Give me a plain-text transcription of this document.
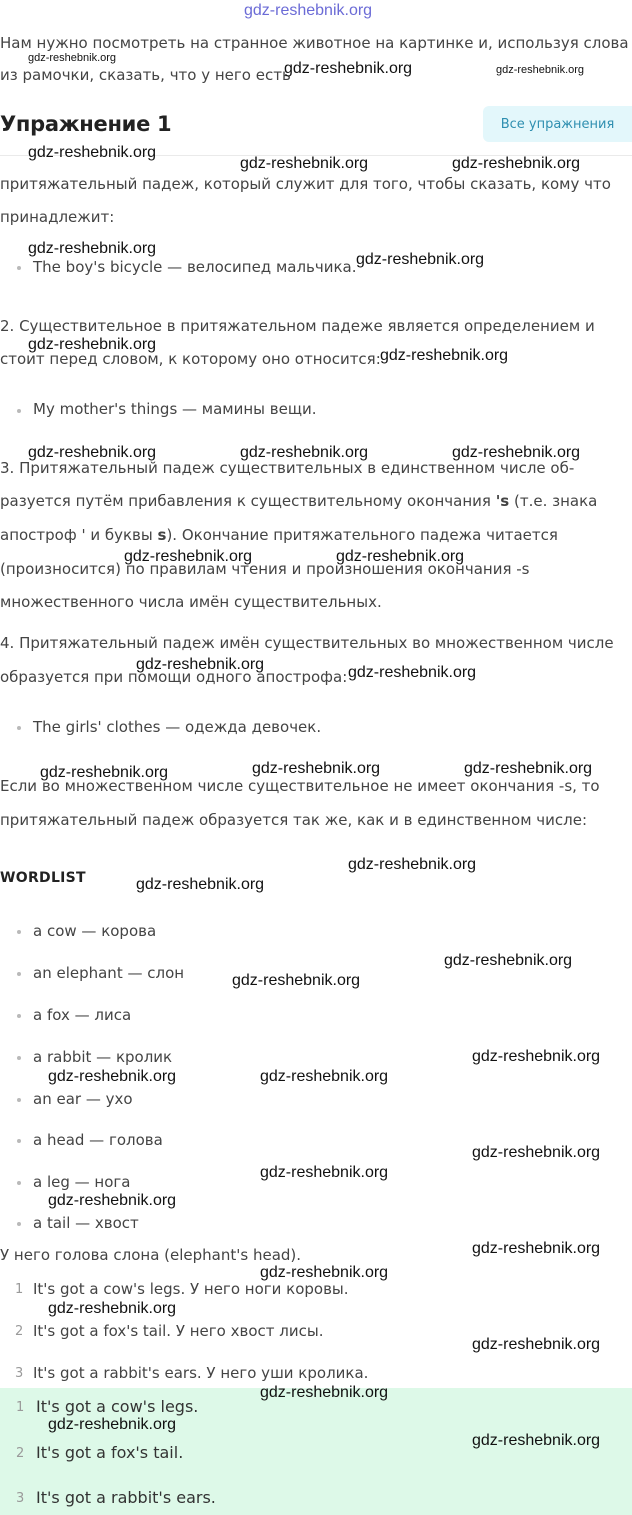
gdz-reshebnik.org
Нам нужно посмотреть на странное животное на картинке и, используя слова
из рамочки, сказать, что у него есть
Упражнение 1	Все упражнения
притяжательный падеж, который служит для того, чтобы сказать, кому что
принадлежит:
The boy's bicycle — велосипед мальчика.
2. Существительное в притяжательном падеже является определением и
стоит перед словом, к которому оно относится:
My mother's things — мамины вещи.
3. Притяжательный падеж существительных в единственном числе об-
разуется путём прибавления к существительному окончания 's (т.е. знака
апостроф ' и буквы s). Окончание притяжательного падежа читается
(произносится) по правилам чтения и произношения окончания -s
множественного числа имён существительных.
4. Притяжательный падеж имён существительных во множественном числе
образуется при помощи одного апострофа:
The girls' clothes — одежда девочек.
Если во множественном числе существительное не имеет окончания -s, то
притяжательный падеж образуется так же, как и в единственном числе:
WORDLIST
a cow — корова
an elephant — слон
a fox — лиса
a rabbit — кролик
an ear — ухо
a head — голова
a leg — нога
a tail — хвост
У него голова слона (elephant's head).
1 It's got a cow's legs. У него ноги коровы.
2 It's got a fox's tail. У него хвост лисы.
3 It's got a rabbit's ears. У него уши кролика.
1 It's got a cow's legs.
2 It's got a fox's tail.
3 It's got a rabbit's ears.
gdz-reshebnik.org
gdz-reshebnik.org
gdz-reshebnik.org
gdz-reshebnik.org
gdz-reshebnik.org	gdz-reshebnik.org
gdz-reshebnik.org
gdz-reshebnik.org
gdz-reshebnik.org
gdz-reshebnik.org
gdz-reshebnik.org	gdz-reshebnik.org	gdz-reshebnik.org
gdz-reshebnik.org	gdz-reshebnik.org
gdz-reshebnik.org	gdz-reshebnik.org
gdz-reshebnik.org	gdz-reshebnik.org	gdz-reshebnik.org
gdz-reshebnik.org
gdz-reshebnik.org
gdz-reshebnik.org
gdz-reshebnik.org
gdz-reshebnik.org
gdz-reshebnik.org	gdz-reshebnik.org
gdz-reshebnik.org
gdz-reshebnik.org
gdz-reshebnik.org
gdz-reshebnik.org
gdz-reshebnik.org
gdz-reshebnik.org
gdz-reshebnik.org
gdz-reshebnik.org
gdz-reshebnik.org
gdz-reshebnik.org
